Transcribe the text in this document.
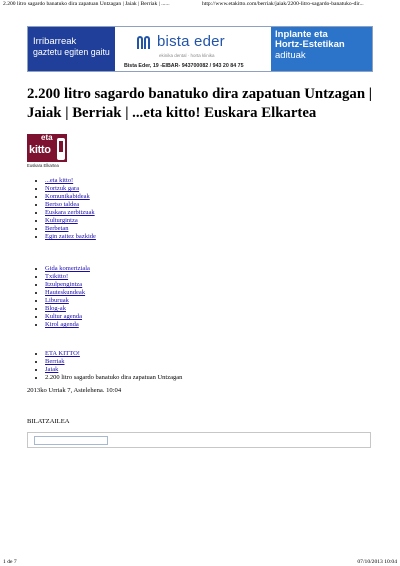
2.200 litro sagardo banatuko dira zapatuan Untzagan | Jaiak | Berriak | ......	http://www.etakitto.com/berriak/jaiak/2200-litro-sagardo-banatuko-dir...
Irribarreak
gaztetu egiten gaitu
bista eder
ekinika dental · horta klinika
Bista Eder, 19 -EIBAR- 943700082 / 943 20 84 75
Inplante eta
Hortz-Estetikan
adituak
2.200 litro sagardo banatuko dira zapatuan Untzagan | Jaiak | Berriak | ...eta kitto! Euskara Elkartea
eta
kitto
Euskara Elkartea
• ...eta kitto!
• Nortzuk gara
• Komunikabideak
• Bertso taldea
• Euskara zerbitzuak
• Kulturgintza
• Berbetan
• Egin zaitez bazkide
• Gida komertziala
• Txikitto!
• Itzulpengintza
• Hauteskundeak
• Liburuak
• Blog-ak
• Kultur agenda
• Kirol agenda
• ETA KITTO!
• Berriak
• Jaiak
• 2.200 litro sagardo banatuko dira zapatuan Untzagan
2013ko Urriak 7, Astelehena. 10:04
BILATZAILEA
1 de 7	07/10/2013 10:04
